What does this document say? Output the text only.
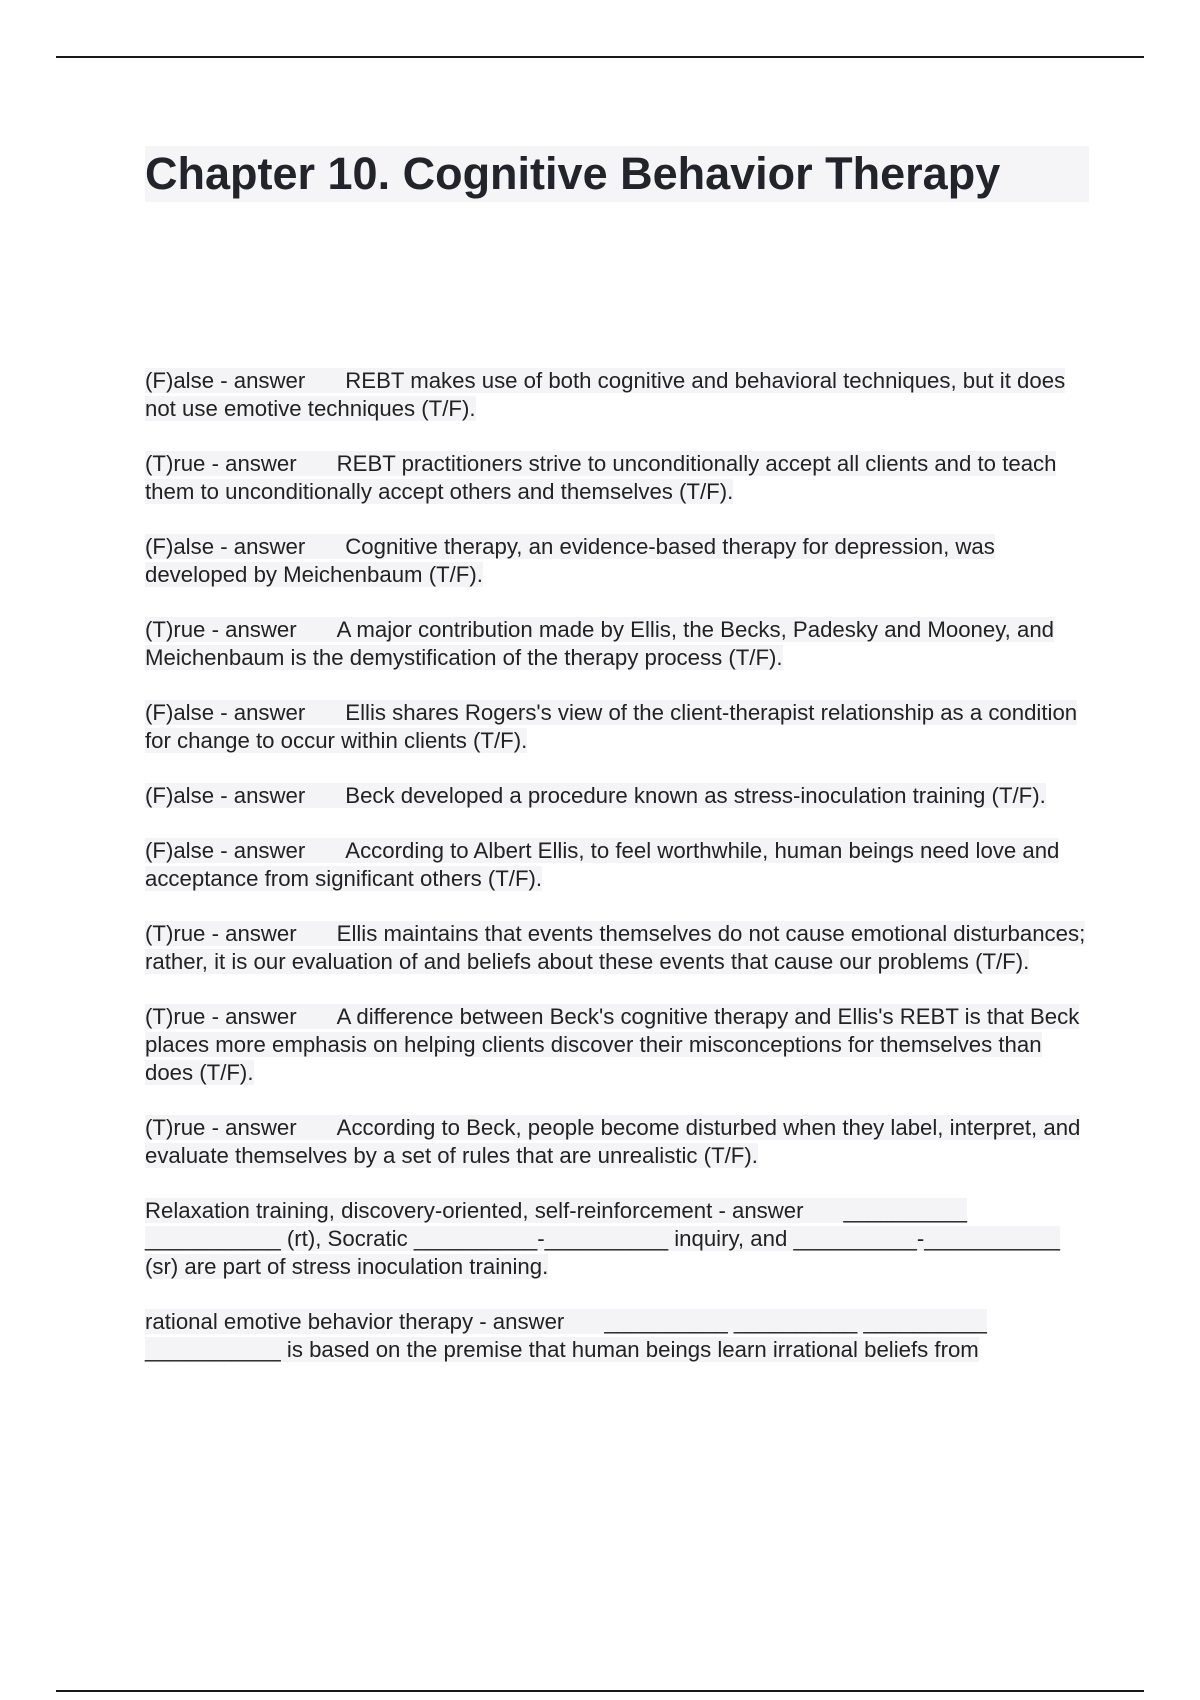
Chapter 10. Cognitive Behavior Therapy
(F)alse - answer REBT makes use of both cognitive and behavioral techniques, but it does not use emotive techniques (T/F).
(T)rue - answer REBT practitioners strive to unconditionally accept all clients and to teach them to unconditionally accept others and themselves (T/F).
(F)alse - answer Cognitive therapy, an evidence-based therapy for depression, was developed by Meichenbaum (T/F).
(T)rue - answer A major contribution made by Ellis, the Becks, Padesky and Mooney, and Meichenbaum is the demystification of the therapy process (T/F).
(F)alse - answer Ellis shares Rogers's view of the client-therapist relationship as a condition for change to occur within clients (T/F).
(F)alse - answer Beck developed a procedure known as stress-inoculation training (T/F).
(F)alse - answer According to Albert Ellis, to feel worthwhile, human beings need love and acceptance from significant others (T/F).
(T)rue - answer Ellis maintains that events themselves do not cause emotional disturbances; rather, it is our evaluation of and beliefs about these events that cause our problems (T/F).
(T)rue - answer A difference between Beck's cognitive therapy and Ellis's REBT is that Beck places more emphasis on helping clients discover their misconceptions for themselves than does (T/F).
(T)rue - answer According to Beck, people become disturbed when they label, interpret, and evaluate themselves by a set of rules that are unrealistic (T/F).
Relaxation training, discovery-oriented, self-reinforcement - answer __________ ___________ (rt), Socratic __________-__________ inquiry, and __________-___________ (sr) are part of stress inoculation training.
rational emotive behavior therapy - answer __________ __________ __________ ___________ is based on the premise that human beings learn irrational beliefs from
